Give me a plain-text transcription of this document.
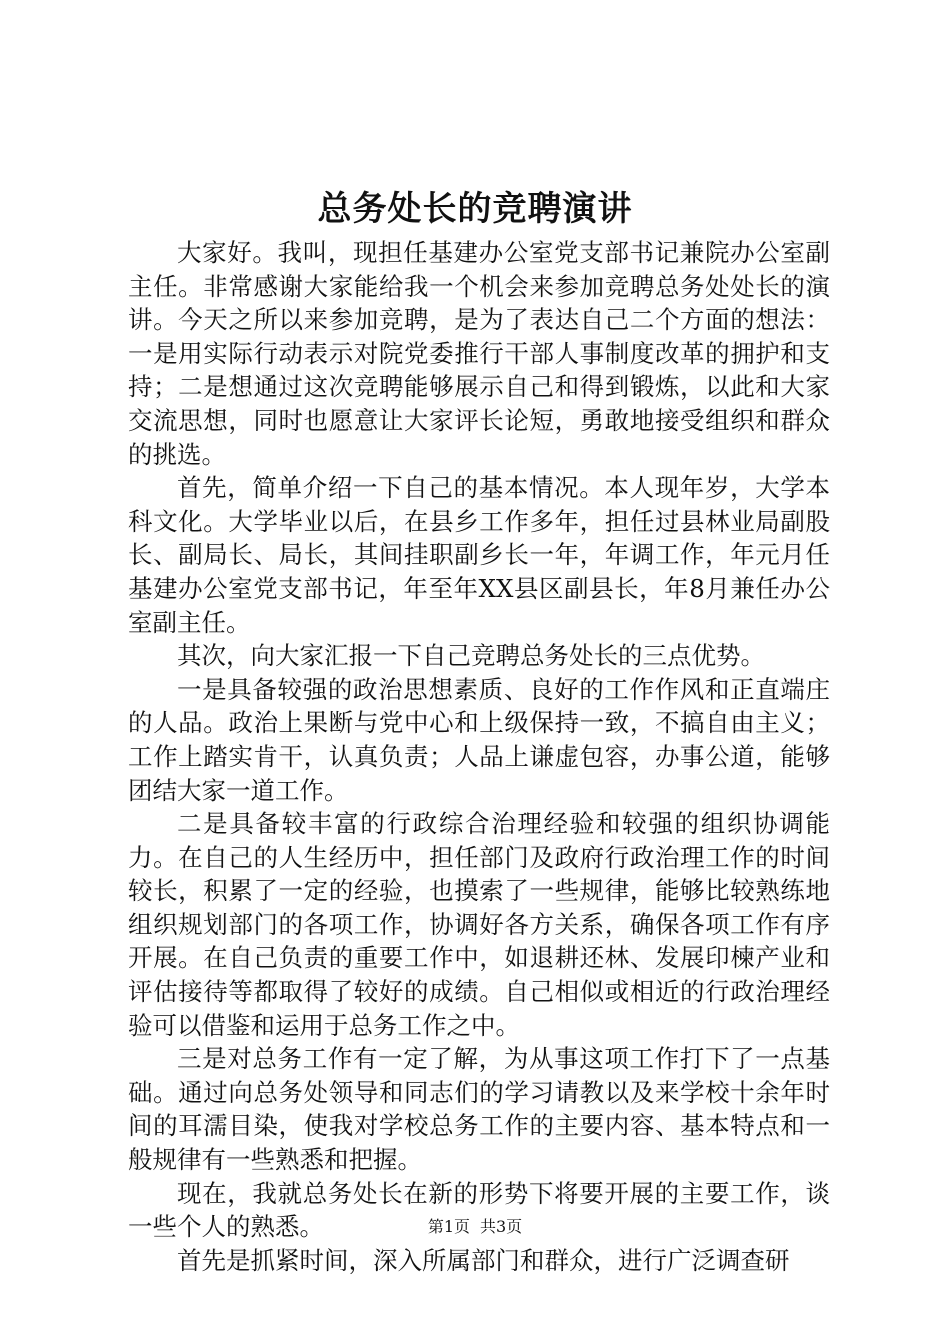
总务处长的竞聘演讲

大家好。我叫，现担任基建办公室党支部书记兼院办公室副主任。非常感谢大家能给我一个机会来参加竞聘总务处处长的演讲。今天之所以来参加竞聘，是为了表达自己二个方面的想法：一是用实际行动表示对院党委推行干部人事制度改革的拥护和支持；二是想通过这次竞聘能够展示自己和得到锻炼，以此和大家交流思想，同时也愿意让大家评长论短，勇敢地接受组织和群众的挑选。

首先，简单介绍一下自己的基本情况。本人现年岁，大学本科文化。大学毕业以后，在县乡工作多年，担任过县林业局副股长、副局长、局长，其间挂职副乡长一年，年调工作，年元月任基建办公室党支部书记，年至年XX县区副县长，年8月兼任办公室副主任。

其次，向大家汇报一下自己竞聘总务处长的三点优势。

一是具备较强的政治思想素质、良好的工作作风和正直端庄的人品。政治上果断与党中心和上级保持一致，不搞自由主义；工作上踏实肯干，认真负责；人品上谦虚包容，办事公道，能够团结大家一道工作。

二是具备较丰富的行政综合治理经验和较强的组织协调能力。在自己的人生经历中，担任部门及政府行政治理工作的时间较长，积累了一定的经验，也摸索了一些规律，能够比较熟练地组织规划部门的各项工作，协调好各方关系，确保各项工作有序开展。在自己负责的重要工作中，如退耕还林、发展印楝产业和评估接待等都取得了较好的成绩。自己相似或相近的行政治理经验可以借鉴和运用于总务工作之中。

三是对总务工作有一定了解，为从事这项工作打下了一点基础。通过向总务处领导和同志们的学习请教以及来学校十余年时间的耳濡目染，使我对学校总务工作的主要内容、基本特点和一般规律有一些熟悉和把握。

现在，我就总务处长在新的形势下将要开展的主要工作，谈一些个人的熟悉。

首先是抓紧时间，深入所属部门和群众，进行广泛调查研

第1页 共3页
